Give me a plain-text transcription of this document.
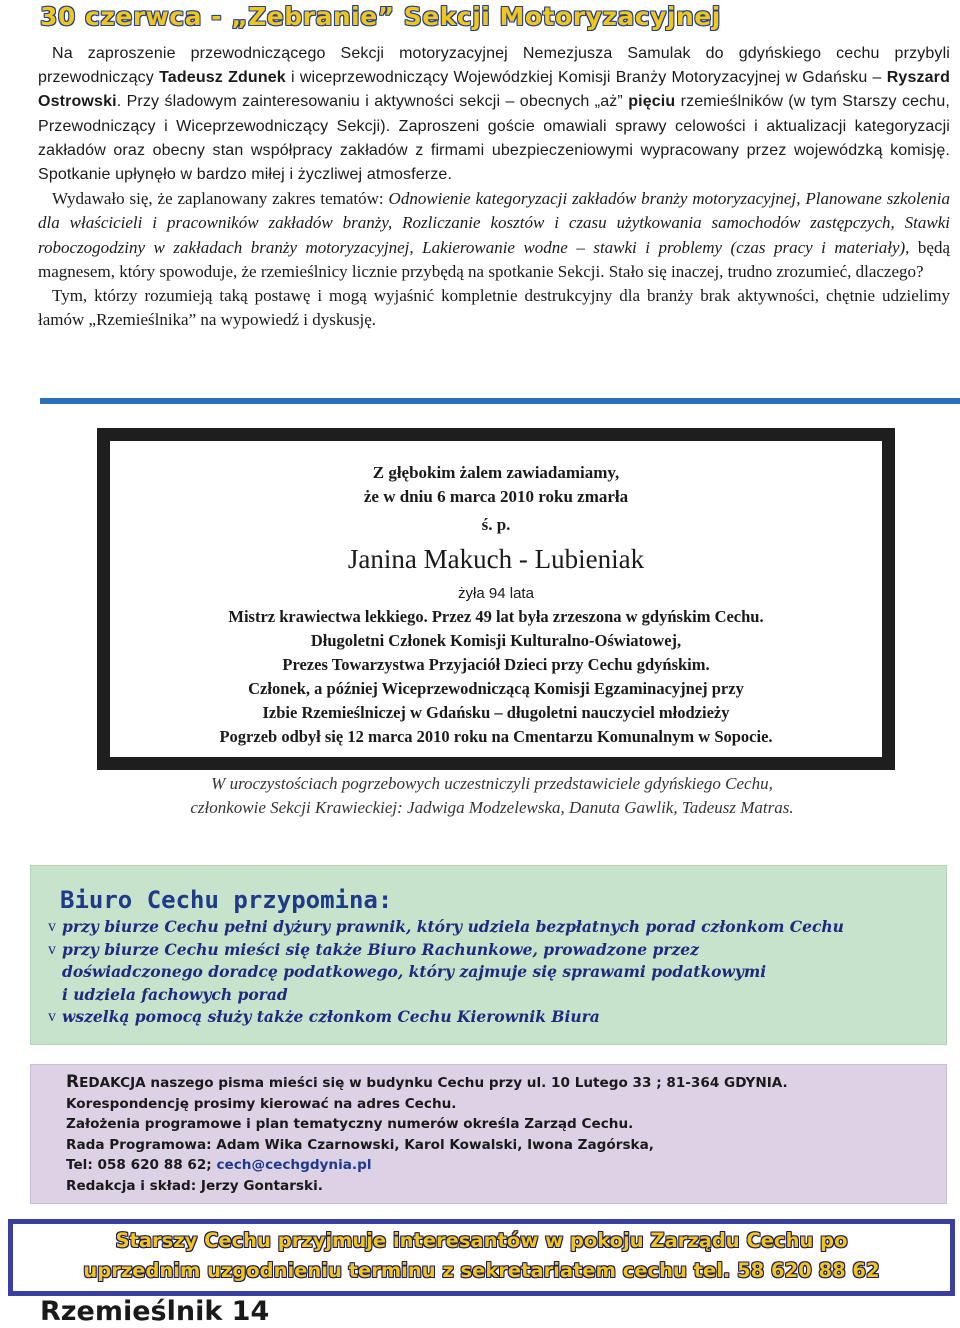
30 czerwca - „Zebranie” Sekcji Motoryzacyjnej

Na zaproszenie przewodniczącego Sekcji motoryzacyjnej Nemezjusza Samulak do gdyńskiego cechu przybyli przewodniczący Tadeusz Zdunek i wiceprzewodniczący Wojewódzkiej Komisji Branży Motoryzacyjnej w Gdańsku – Ryszard Ostrowski. Przy śladowym zainteresowaniu i aktywności sekcji – obecnych „aż” pięciu rzemieślników (w tym Starszy cechu, Przewodniczący i Wiceprzewodniczący Sekcji). Zaproszeni goście omawiali sprawy celowości i aktualizacji kategoryzacji zakładów oraz obecny stan współpracy zakładów z firmami ubezpieczeniowymi wypracowany przez wojewódzką komisję. Spotkanie upłynęło w bardzo miłej i życzliwej atmosferze.

Wydawało się, że zaplanowany zakres tematów: Odnowienie kategoryzacji zakładów branży motoryzacyjnej, Planowane szkolenia dla właścicieli i pracowników zakładów branży, Rozliczanie kosztów i czasu użytkowania samochodów zastępczych, Stawki roboczogodziny w zakładach branży motoryzacyjnej, Lakierowanie wodne – stawki i problemy (czas pracy i materiały), będą magnesem, który spowoduje, że rzemieślnicy licznie przybędą na spotkanie Sekcji. Stało się inaczej, trudno zrozumieć, dlaczego?

Tym, którzy rozumieją taką postawę i mogą wyjaśnić kompletnie destrukcyjny dla branży brak aktywności, chętnie udzielimy łamów „Rzemieślnika” na wypowiedź i dyskusję.

Z głębokim żalem zawiadamiamy,
że w dniu 6 marca 2010 roku zmarła
ś. p.
Janina Makuch - Lubieniak
żyła 94 lata
Mistrz krawiectwa lekkiego. Przez 49 lat była zrzeszona w gdyńskim Cechu.
Długoletni Członek Komisji Kulturalno-Oświatowej,
Prezes Towarzystwa Przyjaciół Dzieci przy Cechu gdyńskim.
Członek, a później Wiceprzewodniczącą Komisji Egzaminacyjnej przy
Izbie Rzemieślniczej w Gdańsku – długoletni nauczyciel młodzieży
Pogrzeb odbył się 12 marca 2010 roku na Cmentarzu Komunalnym w Sopocie.
W uroczystościach pogrzebowych uczestniczyli przedstawiciele gdyńskiego Cechu,
członkowie Sekcji Krawieckiej: Jadwiga Modzelewska, Danuta Gawlik, Tadeusz Matras.
Biuro Cechu przypomina:
v przy biurze Cechu pełni dyżury prawnik, który udziela bezpłatnych porad członkom Cechu
v przy biurze Cechu mieści się także Biuro Rachunkowe, prowadzone przez
doświadczonego doradcę podatkowego, który zajmuje się sprawami podatkowymi
i udziela fachowych porad
v wszelką pomocą służy także członkom Cechu Kierownik Biura
REDAKCJA naszego pisma mieści się w budynku Cechu przy ul. 10 Lutego 33 ; 81-364 GDYNIA.
Korespondencję prosimy kierować na adres Cechu.
Założenia programowe i plan tematyczny numerów określa Zarząd Cechu.
Rada Programowa: Adam Wika Czarnowski, Karol Kowalski, Iwona Zagórska,
Tel: 058 620 88 62; cech@cechgdynia.pl
Redakcja i skład: Jerzy Gontarski.
Starszy Cechu przyjmuje interesantów w pokoju Zarządu Cechu po
uprzednim uzgodnieniu terminu z sekretariatem cechu tel. 58 620 88 62
Rzemieślnik 14
